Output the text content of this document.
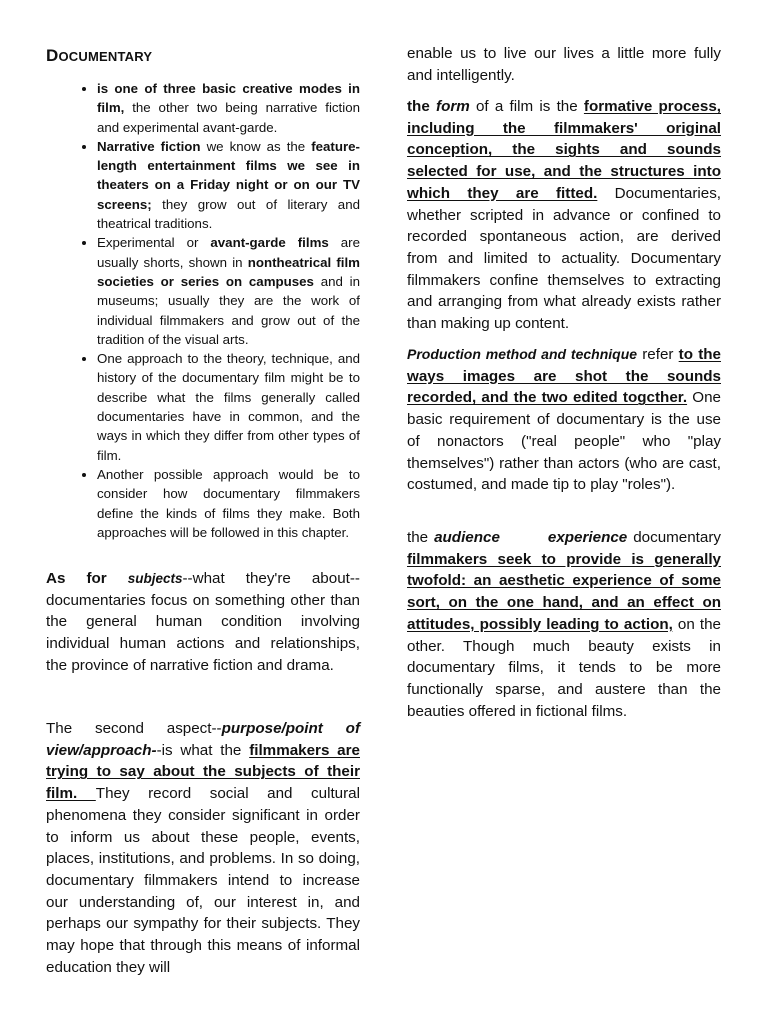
DOCUMENTARY
• is one of three basic creative modes in film, the other two being narrative fiction and experimental avant-garde.
• Narrative fiction we know as the feature-length entertainment films we see in theaters on a Friday night or on our TV screens; they grow out of literary and theatrical traditions.
• Experimental or avant-garde films are usually shorts, shown in nontheatrical film societies or series on campuses and in museums; usually they are the work of individual filmmakers and grow out of the tradition of the visual arts.
• One approach to the theory, technique, and history of the documentary film might be to describe what the films generally called documentaries have in common, and the ways in which they differ from other types of film.
• Another possible approach would be to consider how documentary filmmakers define the kinds of films they make. Both approaches will be followed in this chapter.

As for subjects--what they're about--documentaries focus on something other than the general human condition involving individual human actions and relationships, the province of narrative fiction and drama.

The second aspect--purpose/point of view/approach--is what the filmmakers are trying to say about the subjects of their film. They record social and cultural phenomena they consider significant in order to inform us about these people, events, places, institutions, and problems. In so doing, documentary filmmakers intend to increase our understanding of, our interest in, and perhaps our sympathy for their subjects. They may hope that through this means of informal education they will

enable us to live our lives a little more fully and intelligently.

the form of a film is the formative process, including the filmmakers' original conception, the sights and sounds selected for use, and the structures into which they are fitted. Documentaries, whether scripted in advance or confined to recorded spontaneous action, are derived from and limited to actuality. Documentary filmmakers confine themselves to extracting and arranging from what already exists rather than making up content.

Production method and technique refer to the ways images are shot the sounds recorded, and the two edited togcther. One basic requirement of documentary is the use of nonactors ("real people" who "play themselves") rather than actors (who are cast, costumed, and made tip to play "roles").

the audience experience documentary filmmakers seek to provide is generally twofold: an aesthetic experience of some sort, on the one hand, and an effect on attitudes, possibly leading to action, on the other. Though much beauty exists in documentary films, it tends to be more functionally sparse, and austere than the beauties offered in fictional films.
